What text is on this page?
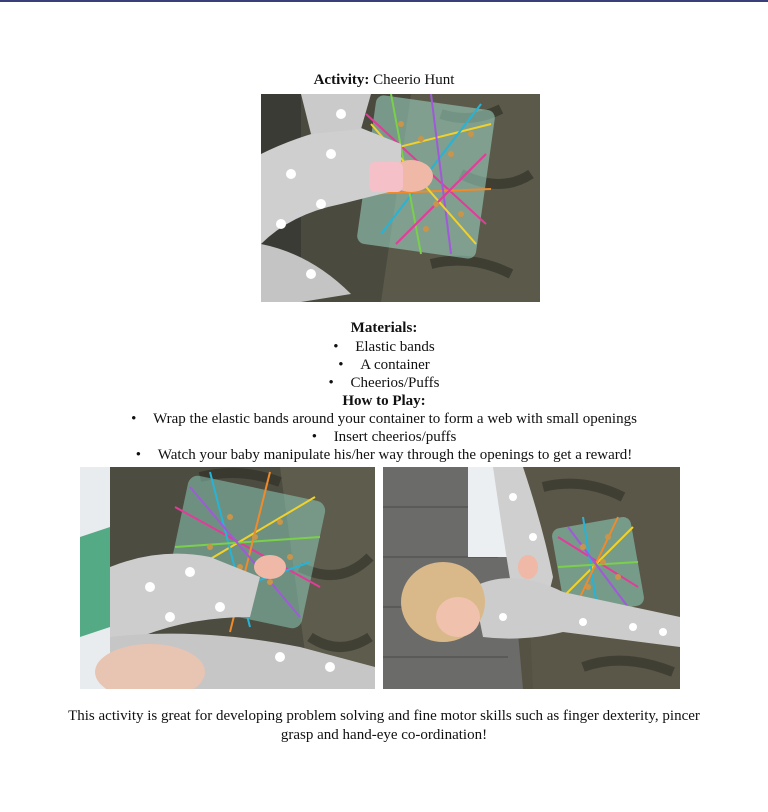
Activity: Cheerio Hunt
Materials:
• Elastic bands
• A container
• Cheerios/Puffs
How to Play:
• Wrap the elastic bands around your container to form a web with small openings
• Insert cheerios/puffs
• Watch your baby manipulate his/her way through the openings to get a reward!
This activity is great for developing problem solving and fine motor skills such as finger dexterity, pincer grasp and hand-eye co-ordination!
